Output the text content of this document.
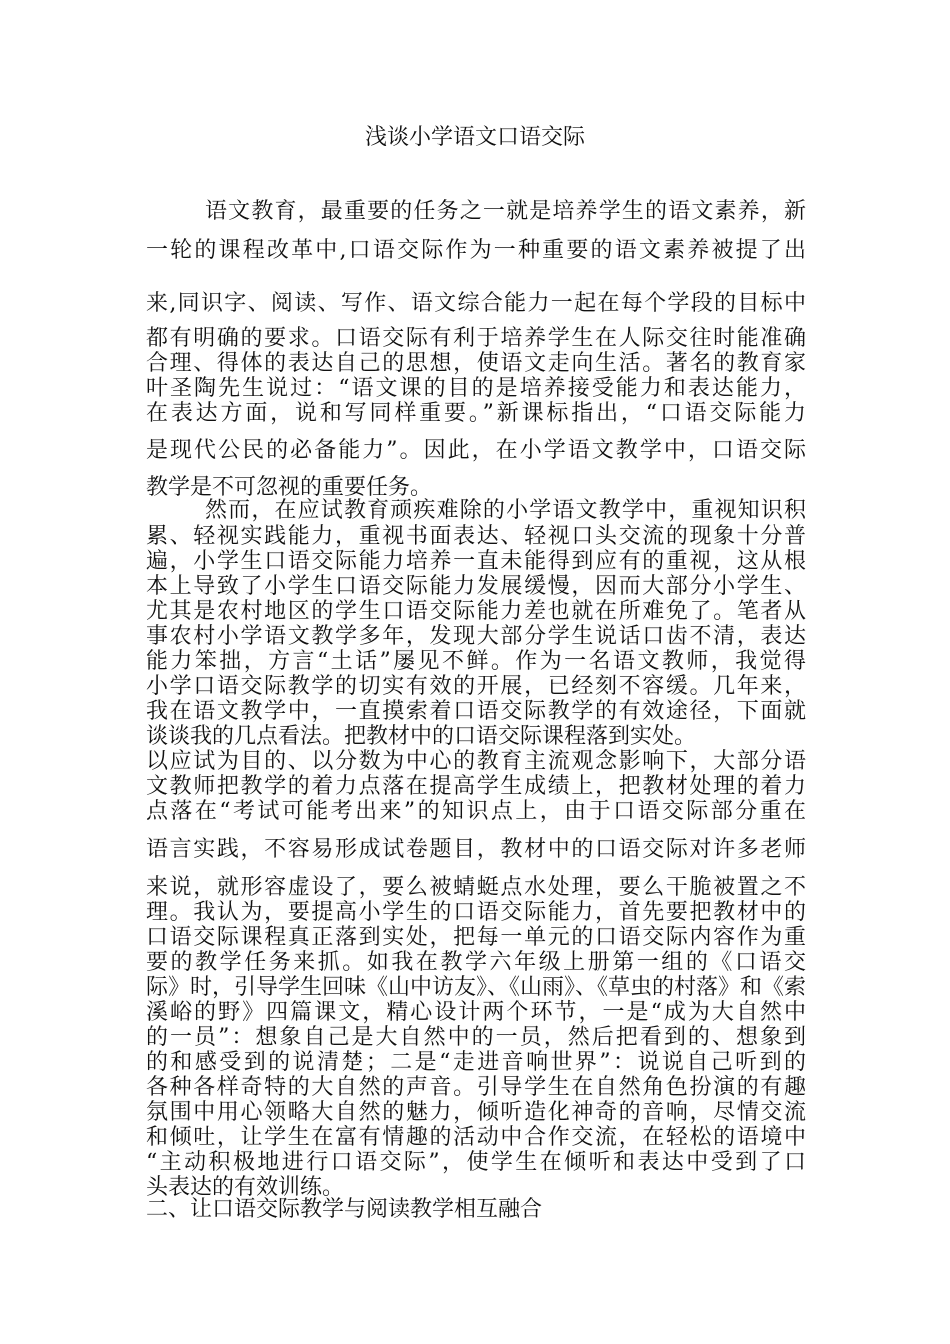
浅谈小学语文口语交际
语文教育，最重要的任务之一就是培养学生的语文素养，新
一轮的课程改革中,口语交际作为一种重要的语文素养被提了出
来,同识字、阅读、写作、语文综合能力一起在每个学段的目标中
都有明确的要求。口语交际有利于培养学生在人际交往时能准确
合理、得体的表达自己的思想，使语文走向生活。著名的教育家
叶圣陶先生说过：“语文课的目的是培养接受能力和表达能力，
在表达方面，说和写同样重要。”新课标指出，“口语交际能力
是现代公民的必备能力”。因此，在小学语文教学中，口语交际
教学是不可忽视的重要任务。
然而，在应试教育顽疾难除的小学语文教学中，重视知识积
累、轻视实践能力，重视书面表达、轻视口头交流的现象十分普
遍，小学生口语交际能力培养一直未能得到应有的重视，这从根
本上导致了小学生口语交际能力发展缓慢，因而大部分小学生、
尤其是农村地区的学生口语交际能力差也就在所难免了。笔者从
事农村小学语文教学多年，发现大部分学生说话口齿不清，表达
能力笨拙，方言“土话”屡见不鲜。作为一名语文教师，我觉得
小学口语交际教学的切实有效的开展，已经刻不容缓。几年来，
我在语文教学中，一直摸索着口语交际教学的有效途径，下面就
谈谈我的几点看法。把教材中的口语交际课程落到实处。
以应试为目的、以分数为中心的教育主流观念影响下，大部分语
文教师把教学的着力点落在提高学生成绩上，把教材处理的着力
点落在“考试可能考出来”的知识点上，由于口语交际部分重在
语言实践，不容易形成试卷题目，教材中的口语交际对许多老师
来说，就形容虚设了，要么被蜻蜓点水处理，要么干脆被置之不
理。我认为，要提高小学生的口语交际能力，首先要把教材中的
口语交际课程真正落到实处，把每一单元的口语交际内容作为重
要的教学任务来抓。如我在教学六年级上册第一组的《口语交
际》时，引导学生回味《山中访友》、《山雨》、《草虫的村落》和《索
溪峪的野》四篇课文，精心设计两个环节，一是“成为大自然中
的一员”：想象自己是大自然中的一员，然后把看到的、想象到
的和感受到的说清楚；二是“走进音响世界”：说说自己听到的
各种各样奇特的大自然的声音。引导学生在自然角色扮演的有趣
氛围中用心领略大自然的魅力，倾听造化神奇的音响，尽情交流
和倾吐，让学生在富有情趣的活动中合作交流，在轻松的语境中
“主动积极地进行口语交际”，使学生在倾听和表达中受到了口
头表达的有效训练。
二、让口语交际教学与阅读教学相互融合
